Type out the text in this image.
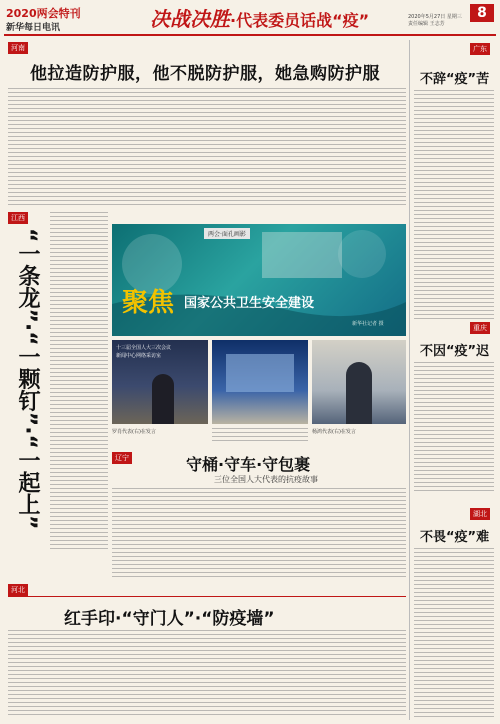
2020两会特刊
新华每日电讯	决战决胜·代表委员话战“疫”	8
2020年5月27日 星期三
责任编辑 王志芳
河南
他拉造防护服，他不脱防护服，她急购防护服
广东
不辞“疫”苦
重庆
不因“疫”迟
湖北
不畏“疫”难
江西
“一条龙”·“一颗钉”·“一起上”	两会·面孔画影
聚焦 国家公共卫生安全建设
新华社记者 摄
十三届全国人大三次会议
新闻中心网络采访室
罗肖代表(右)在发言	杨鸿代表(右)在发言
辽宁	守桶·守车·守包裹
三位全国人大代表的抗疫故事
河北
红手印·“守门人”·“防疫墙”
